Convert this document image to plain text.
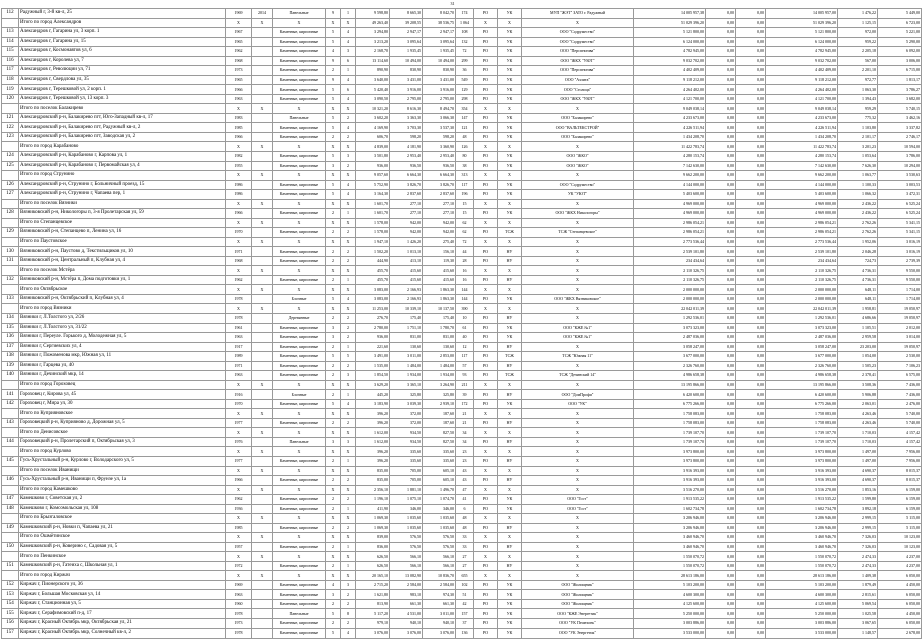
31
112	Радужный г, 3-й кв-л, 25	1969	2014	Панельные	9	1	9 598,80	8 665,30	8 042,70	174	РО	УК	МУП "ЖЭТ" ЗАТО г. Радужный	14 005 957,38	0,00	0,00	14 005 957,00	1 476,22	5 449,00
	Итого по город Александров	X	X	X	X	X	49 263,40	39 208,55	38 536,75	1 064	X	X	X	51 029 396,20	0,00	0,00	51 029 396,20	1 125,15	6 723,00
113	Александров г, Гагарина ул, 3 корп. 1	1967		Каменные, кирпичные	5	4	3 294,80	2 947,17	2 947,17	108	РО	УК	ООО "Содружество"	5 121 800,00	0,00	0,00	5 121 800,00	972,00	5 221,00
114	Александров г, Гагарина ул, 15	1965		Каменные, кирпичные	5	4	3 213,20	3 095,64	3 095,64	132	РО	УК	ООО "Содружество"	6 124 000,00	0,00	0,00	6 124 000,00	959,22	5 290,00
115	Александров г, Космонавтов ул, 6	1962		Каменные, кирпичные	4	3	2 168,70	1 935,45	1 935,45	72	РО	УК	ООО "Перспектива"	4 782 945,00	0,00	0,00	4 782 945,00	2 205,18	6 092,00
116	Александров г, Королева ул, 7	1968		Каменные, кирпичные	9	6	13 114,60	10 494,00	10 494,00	299	РО	УК	ООО "ЖКХ "УЮТ"	9 032 702,00	0,00	0,00	9 032 702,00	567,00	3 006,00
117	Александров г, Революции ул, 71	1973		Каменные, кирпичные	2	1	890,90	830,90	830,90	36	РО	УК	ООО "Перспектива"	4 402 409,00	0,00	0,00	4 402 409,00	2 201,10	6 715,00
118	Александров г, Свердлова ул, 35	1965		Каменные, кирпичные	9	4	3 640,00	3 431,00	3 431,00	549	РО	УК	ООО "Аэлита"	9 118 212,00	0,00	0,00	9 118 212,00	972,77	1 813,17
119	Александров г, Терешковой ул, 2 корп. 1	1966		Каменные, кирпичные	5	6	5 420,40	3 916,00	3 916,00	129	РО	УК	ООО "Столица"	4 264 402,00	0,00	0,00	4 264 402,00	1 063,30	3 786,27
120	Александров г, Терешковой ул, 13 корп. 3	1963		Каменные, кирпичные	5	4	3 090,50	2 795,00	2 795,00	298	РО	УК	ООО "ЖКХ "УЮТ"	4 121 700,00	0,00	0,00	4 121 700,00	1 394,43	3 682,00
	Итого по поселок Балакирево	X	X	X	X	X	10 321,20	8 616,30	8 494,70	354	X	X	X	9 049 038,14	0,00	0,00	9 049 038,14	959,29	5 740,15
121	Александровский р-н, Балакирево пгт, Юго-Западный кв-л, 17	1983		Панельные	5	2	3 602,20	3 363,30	3 066,30	147	РО	УК	ООО "Балакирево"	4 233 673,00	0,00	0,00	4 233 673,00	775,32	3 462,16
122	Александровский р-н, Балакирево пгт, Радужный кв-л, 2	1985		Каменные, кирпичные	5	4	4 169,90	3 703,30	3 537,30	121	РО	УК	ООО "ВАЛЬТЕКСТРОЙ"	4 226 511,94	0,00	0,00	4 226 511,94	1 103,80	3 337,82
123	Александровский р-н, Балакирево пгт, Заводская ул, 2	1966		Каменные, кирпичные	2	2	606,70	598,20	598,20	48	РО	УК	ООО "Балакирево"	1 434 208,70	0,00	0,00	1 434 208,70	2 101,17	2 746,17
	Итого по город Карабаново	X	X	X	X	X	4 839,00	4 181,90	3 360,90	126	X	X	X	11 422 783,74	0,00	0,00	11 422 783,74	3 201,23	10 594,00
124	Александровский р-н, Карабаново г, Карпова ул, 1	1982		Каменные, кирпичные	5	3	3 501,80	2 953,40	2 953,40	80	РО	УК	ООО "ЖКО"	4 280 153,74	0,00	0,00	4 280 153,74	1 053,64	3 786,00
125	Александровский р-н, Карабаново г, Первомайская ул, 4	1955		Каменные, кирпичные	3	2	936,00	936,50	936,50	38	РО	УК	ООО "ЖКО"	7 142 630,00	0,00	0,00	7 142 630,00	7 626,30	10 294,00
	Итого по город Струнино	X	X	X	X	X	9 057,60	6 664,30	6 664,30	313	X	X	X	9 662 200,00	0,00	0,00	9 662 200,00	1 063,77	3 530,63
126	Александровский р-н, Струнино г, Больничный проезд, 15	1986		Каменные, кирпичные	5	4	5 752,90	3 826,70	3 826,70	117	РО	УК	ООО "Содружество"	4 144 000,00	0,00	0,00	4 144 000,00	1 100,33	3 003,53
127	Александровский р-н, Струнино г, Чапаева пер, 1	1986		Каменные, кирпичные	5	4	3 164,30	2 837,60	2 837,60	196	РО	УК	УК "УЮТ"	5 403 600,00	0,00	0,00	5 403 600,00	1 066,32	3 472,31
	Итого по поселок Вязники	X	X	X	X	X	1 601,70	277,10	277,10	15	X	X	X	4 969 000,00	0,00	0,00	4 969 000,00	2 436,22	6 525,24
128	Вязниковский р-н, Никологоры п, 3-я Пролетарская ул, 59	1966		Каменные, кирпичные	2	1	1 601,70	277,10	277,10	15	РО	УК	ООО "ЖКХ Никологоры"	4 969 000,00	0,00	0,00	4 969 000,00	2 436,22	6 525,24
	Итого по Степанцевское	X	X	X	X	X	1 578,00	942,00	942,00	62	X	X	X	2 986 054,21	0,00	0,00	2 986 054,21	2 762,26	5 341,15
129	Вязниковский р-н, Степанцево п, Ленина ул, 16	1970		Каменные, кирпичные	2	2	1 578,00	942,00	942,00	62	РО	ТСЖ	ТСЖ "Степанцевское"	2 986 054,21	0,00	0,00	2 986 054,21	2 762,26	5 341,15
	Итого по Паустовское	X	X	X	X	X	1 947,10	1 426,20	275,40	72	X	X	X	2 773 536,44	0,00	0,00	2 773 536,44	1 952,06	3 016,19
130	Вязниковский р-н, Паустово д, Текстильщиков ул, 10	1971		Каменные, кирпичные	2	2	1 502,20	1 013,10	156,10	44	РО	НУ	X	2 539 101,80	0,00	0,00	2 539 101,80	2 046,28	3 016,19
131	Вязниковский р-н, Центральный п, Клубная ул, 4	1968		Каменные, кирпичные	2	2	444,90	413,10	119,30	28	РО	НУ	X	234 434,64	0,00	0,00	234 434,64	724,73	2 739,39
	Итого по поселок Мстёра	X	X	X	X	X	455,70	415,60	415,60	16	X	X	X	2 110 326,75	0,00	0,00	2 110 326,75	4 736,31	9 550,00
132	Вязниковский р-н, Мстёра п, Дома подготовки ул, 1	1962		Каменные, кирпичные	2	1	455,70	415,60	415,60	16	РО	НУ	X	2 110 326,75	0,00	0,00	2 110 326,75	4 736,31	9 550,00
	Итого по Октябрьское	X	X	X	X	X	3 083,00	2 166,93	1 863,30	144	X	X	X	2 000 000,00	0,00	0,00	2 000 000,00	648,11	1 714,00
133	Вязниковский р-н, Октябрьский п, Клубная ул, 4	1978		Блочные	5	4	3 083,00	2 166,93	1 863,30	144	РО	УК	ООО "ЖКХ Вязниковское"	2 000 000,00	0,00	0,00	2 000 000,00	648,11	1 714,00
	Итого по город Вязники	X	X	X	X	X	11 253,00	10 339,10	10 137,50	390	X	X	X	22 042 011,39	0,00	0,00	22 042 011,39	1 958,81	19 050,97
134	Вязники г, Л.Толстого ул, 2/26	1978		Деревянные	2	2	276,70	175,40	175,40	10	РО	НУ	X	1 292 536,01	0,00	0,00	1 292 536,01	4 686,66	19 050,97
135	Вязники г, Л.Толстого ул, 31/22	1961		Каменные, кирпичные	3	2	2 780,00	1 751,10	1 780,70	61	РО	УК	ООО "КЖЕ №1"	3 073 323,00	0,00	0,00	3 073 323,00	1 105,51	2 012,00
136	Вязники г, Переуле. Горького д, Молодежная ул, 5	1963		Каменные, кирпичные	3	2	936,00	831,00	831,00	40	РО	УК	ООО "КЖЕ №1"	2 487 036,00	0,00	0,00	2 487 036,00	2 959,58	3 014,00
137	Вязники г, Сергиевских ул, 4	1917		Каменные, кирпичные	2	1	221,60	130,60	130,60	12	РО	НУ	X	3 058 247,00	0,00	0,00	3 058 247,00	23 203,00	19 050,97
138	Вязники г, Пожоменова мкр, Южная ул, 11	1989		Каменные, кирпичные	5	5	3 491,00	3 011,00	2 853,00	117	РО	ТСЖ	ТСЖ "Южная 11"	3 677 000,00	0,00	0,00	3 677 000,00	1 054,00	2 530,00
139	Вязники г, Гарцева ул, 40	1971		Каменные, кирпичные	2	2	1 535,00	1 484,00	1 484,00	57	РО	НУ	X	2 326 760,00	0,00	0,00	2 326 760,00	1 505,23	7 106,23
140	Вязники г, Дечинский мкр, 14	1963		Каменные, кирпичные	2	3	1 854,50	1 934,00	1 934,00	93	РО	ТСЖ	ТСЖ "Дечинский 14"	4 986 658,38	0,00	0,00	4 986 658,38	2 378,41	6 575,00
	Итого по город Гороховец	X	X	X	X	X	3 629,20	3 365,10	3 264,90	211	X	X	X	13 195 866,00	0,00	0,00	13 195 866,00	3 508,36	7 436,00
141	Гороховец г, Кирова ул, 45	1916		Блочные	2	1	445,20	325,80	325,80	39	РО	НУ	ООО "ДомПрофи"	6 420 600,00	0,00	0,00	6 420 600,00	5 906,88	7 436,00
142	Гороховец г, Мира ул, 30	1970		Каменные, кирпичные	5	4	3 183,90	3 039,30	2 939,10	172	РО	УК	ООО "УК"	6 775 266,00	0,00	0,00	6 775 266,00	2 063,01	2 476,00
	Итого по Куприяновское	X	X	X	X	X	396,20	372,00	187,60	21	X	X	X	1 758 083,00	0,00	0,00	1 758 083,00	4 263,46	5 740,00
143	Гороховецкий р-н, Куприяново д, Дорожная ул, 5	1977		Каменные, кирпичные	2	2	396,20	372,00	187,60	21	РО	НУ	X	1 758 083,00	0,00	0,00	1 758 083,00	4 263,46	5 740,00
	Итого по Денисовское	X	X	X	X	X	1 612,00	934,50	827,50	34	X	X	X	1 739 107,70	0,00	0,00	1 739 107,70	1 710,03	4 157,42
144	Гороховецкий р-н, Пролетарский п, Октябрьская ул, 3	1976		Панельные	3	3	1 612,00	934,50	827,50	34	РО	НУ	X	1 739 107,70	0,00	0,00	1 739 107,70	1 710,03	4 157,42
	Итого по город Курлово	X	X	X	X	X	396,20	335,60	335,60	23	X	X	X	3 973 800,00	0,00	0,00	3 973 800,00	1 497,00	7 956,00
145	Гусь-Хрустальный р-н, Курлово г, Володарского ул, 5	1977		Каменные, кирпичные	2	1	396,20	335,60	335,60	23	РО	НУ	X	3 973 800,00	0,00	0,00	3 973 800,00	1 497,00	7 956,00
	Итого по поселок Иванищи	X	X	X	X	X	835,00	705,00	605,10	43	X	X	X	3 916 393,00	0,00	0,00	3 916 393,00	4 690,37	8 015,37
146	Гусь-Хрустальный р-н, Иванищи п, Фрунзе ул, 1а	1966		Каменные, кирпичные	2	2	835,00	705,00	605,10	43	РО	НУ	X	3 916 393,00	0,00	0,00	3 916 393,00	4 690,37	8 015,37
	Итого по город Камешково	X	X	X	X	X	2 356,10	1 881,10	1 496,70	47	X	X	X	3 516 270,00	0,00	0,00	3 516 270,00	1 853,16	6 159,00
147	Камешково г, Советская ул, 2	1962		Каменные, кирпичные	2	2	1 196,10	1 075,10	1 074,70	41	РО	УК	ООО "Гост"	1 913 535,22	0,00	0,00	1 913 535,22	1 599,80	6 159,00
148	Камешково г, Комсомольская ул, 108	1936		Каменные, кирпичные	2	1	411,90	346,00	346,00	6	РО	УК	ООО "Гост"	1 602 734,78	0,00	0,00	1 602 734,78	3 892,18	6 159,00
	Итого по Брызгаловское	X	X	X	X	X	1 069,30	1 035,60	1 035,60	48	X	X	X	3 206 946,00	0,00	0,00	3 206 946,00	2 999,15	5 115,00
149	Камешковский р-н, Новки п, Чапаева ул, 21	1985		Каменные, кирпичные	2	2	1 069,30	1 035,60	1 035,60	48	РО	НУ	X	3 206 946,00	0,00	0,00	3 206 946,00	2 999,15	5 115,00
	Итого по Ошмётинское	X	X	X	X	X	839,00	576,50	576,50	33	X	X	X	3 460 946,70	0,00	0,00	3 460 946,70	7 326,03	10 123,00
150	Камешковский р-н, Коверино с, Садовая ул, 5	1957		Каменные, кирпичные	2	1	836,00	576,50	576,50	33	РО	НУ	X	3 460 946,70	0,00	0,00	3 460 946,70	7 326,03	10 123,00
	Итого по Пенкинское	X	X	X	X	X	626,50	566,10	566,10	27	X	X	X	1 550 070,72	0,00	0,00	1 550 070,72	2 474,33	4 237,00
151	Камешковский р-н, Гатеиха с, Школьная ул, 1	1972		Каменные, кирпичные	2	1	626,50	566,10	566,10	27	РО	НУ	X	1 550 070,72	0,00	0,00	1 550 070,72	2 474,33	4 237,00
	Итого по город Киржач	X	X	X	X	X	20 165,10	13 082,90	10 836,70	655	X	X	X	28 613 186,00	0,00	0,00	28 613 186,00	1 409,38	6 050,00
152	Киржач г, Пионерского ул, 36	1969		Каменные, кирпичные	4	3	2 715,20	2 584,00	2 584,00	102	РО	УК	ООО "Жилищник"	5 103 200,00	0,00	0,00	5 103 200,00	1 879,49	4 450,00
153	Киржач г, Большая Московская ул, 14	1963		Каменные, кирпичные	3	2	1 621,80	983,10	974,30	51	РО	УК	ООО "Жилищник"	4 600 300,00	0,00	0,00	4 600 300,00	2 815,61	6 050,00
154	Киржач г, Станционная ул, 5	1960		Каменные, кирпичные	2	2	813,90	661,30	661,30	42	РО	УК	ООО "Жилищник"	4 125 600,00	0,00	0,00	4 125 600,00	5 069,54	6 050,00
155	Киржач г, Серафимовский п-д, 17	1978		Панельные	5	8	5 117,20	4 531,00	3 011,00	157	РО	УК	ООО "КЖЕ Энергетик"	5 250 000,00	0,00	0,00	5 250 000,00	1 025,58	4 450,00
156	Киржач г, Красный Октябрь мкр, Октябрьская ул, 21	1973		Каменные, кирпичные	2	2	979,10	940,10	940,10	37	РО	УК	ООО "УК Пешехонь"	3 003 886,00	0,00	0,00	3 003 886,00	3 067,65	6 050,00
157	Киржач г, Красный Октябрь мкр, Солнечный кв-л, 2	1978		Каменные, кирпичные	5	4	3 076,00	3 076,00	3 076,00	136	РО	УК	ООО "УК Энергетик"	3 533 000,00	0,00	0,00	3 533 000,00	1 148,57	2 678,00
